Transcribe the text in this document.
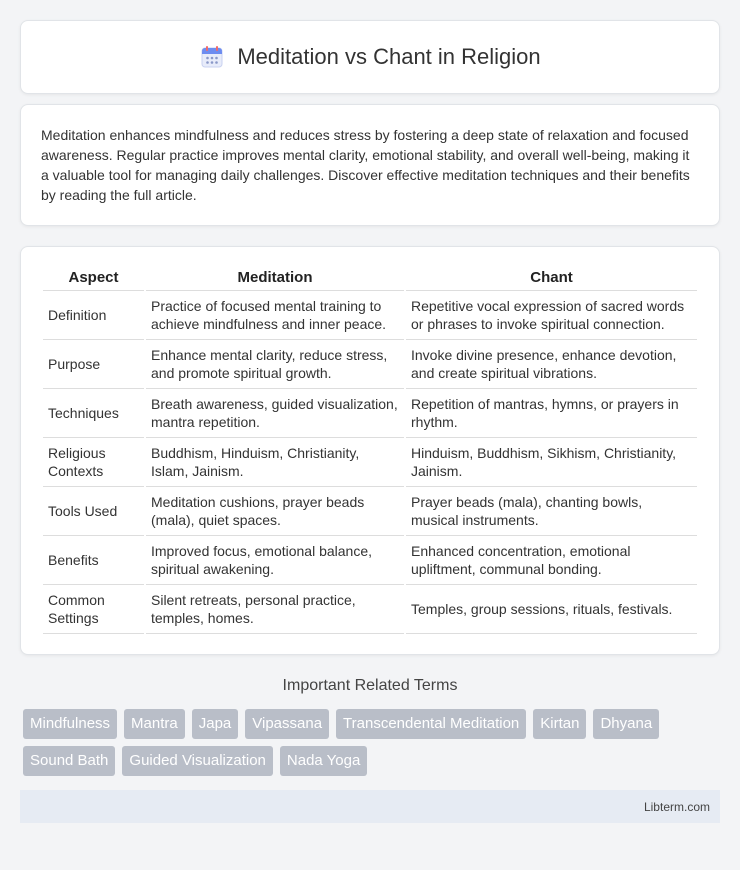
Meditation vs Chant in Religion

Meditation enhances mindfulness and reduces stress by fostering a deep state of relaxation and focused awareness. Regular practice improves mental clarity, emotional stability, and overall well-being, making it a valuable tool for managing daily challenges. Discover effective meditation techniques and their benefits by reading the full article.

Aspect	Meditation	Chant
Definition	Practice of focused mental training to achieve mindfulness and inner peace.	Repetitive vocal expression of sacred words or phrases to invoke spiritual connection.
Purpose	Enhance mental clarity, reduce stress, and promote spiritual growth.	Invoke divine presence, enhance devotion, and create spiritual vibrations.
Techniques	Breath awareness, guided visualization, mantra repetition.	Repetition of mantras, hymns, or prayers in rhythm.
Religious Contexts	Buddhism, Hinduism, Christianity, Islam, Jainism.	Hinduism, Buddhism, Sikhism, Christianity, Jainism.
Tools Used	Meditation cushions, prayer beads (mala), quiet spaces.	Prayer beads (mala), chanting bowls, musical instruments.
Benefits	Improved focus, emotional balance, spiritual awakening.	Enhanced concentration, emotional upliftment, communal bonding.
Common Settings	Silent retreats, personal practice, temples, homes.	Temples, group sessions, rituals, festivals.
Important Related Terms
Mindfulness	Mantra	Japa	Vipassana	Transcendental Meditation	Kirtan	Dhyana
Sound Bath	Guided Visualization	Nada Yoga
Libterm.com
